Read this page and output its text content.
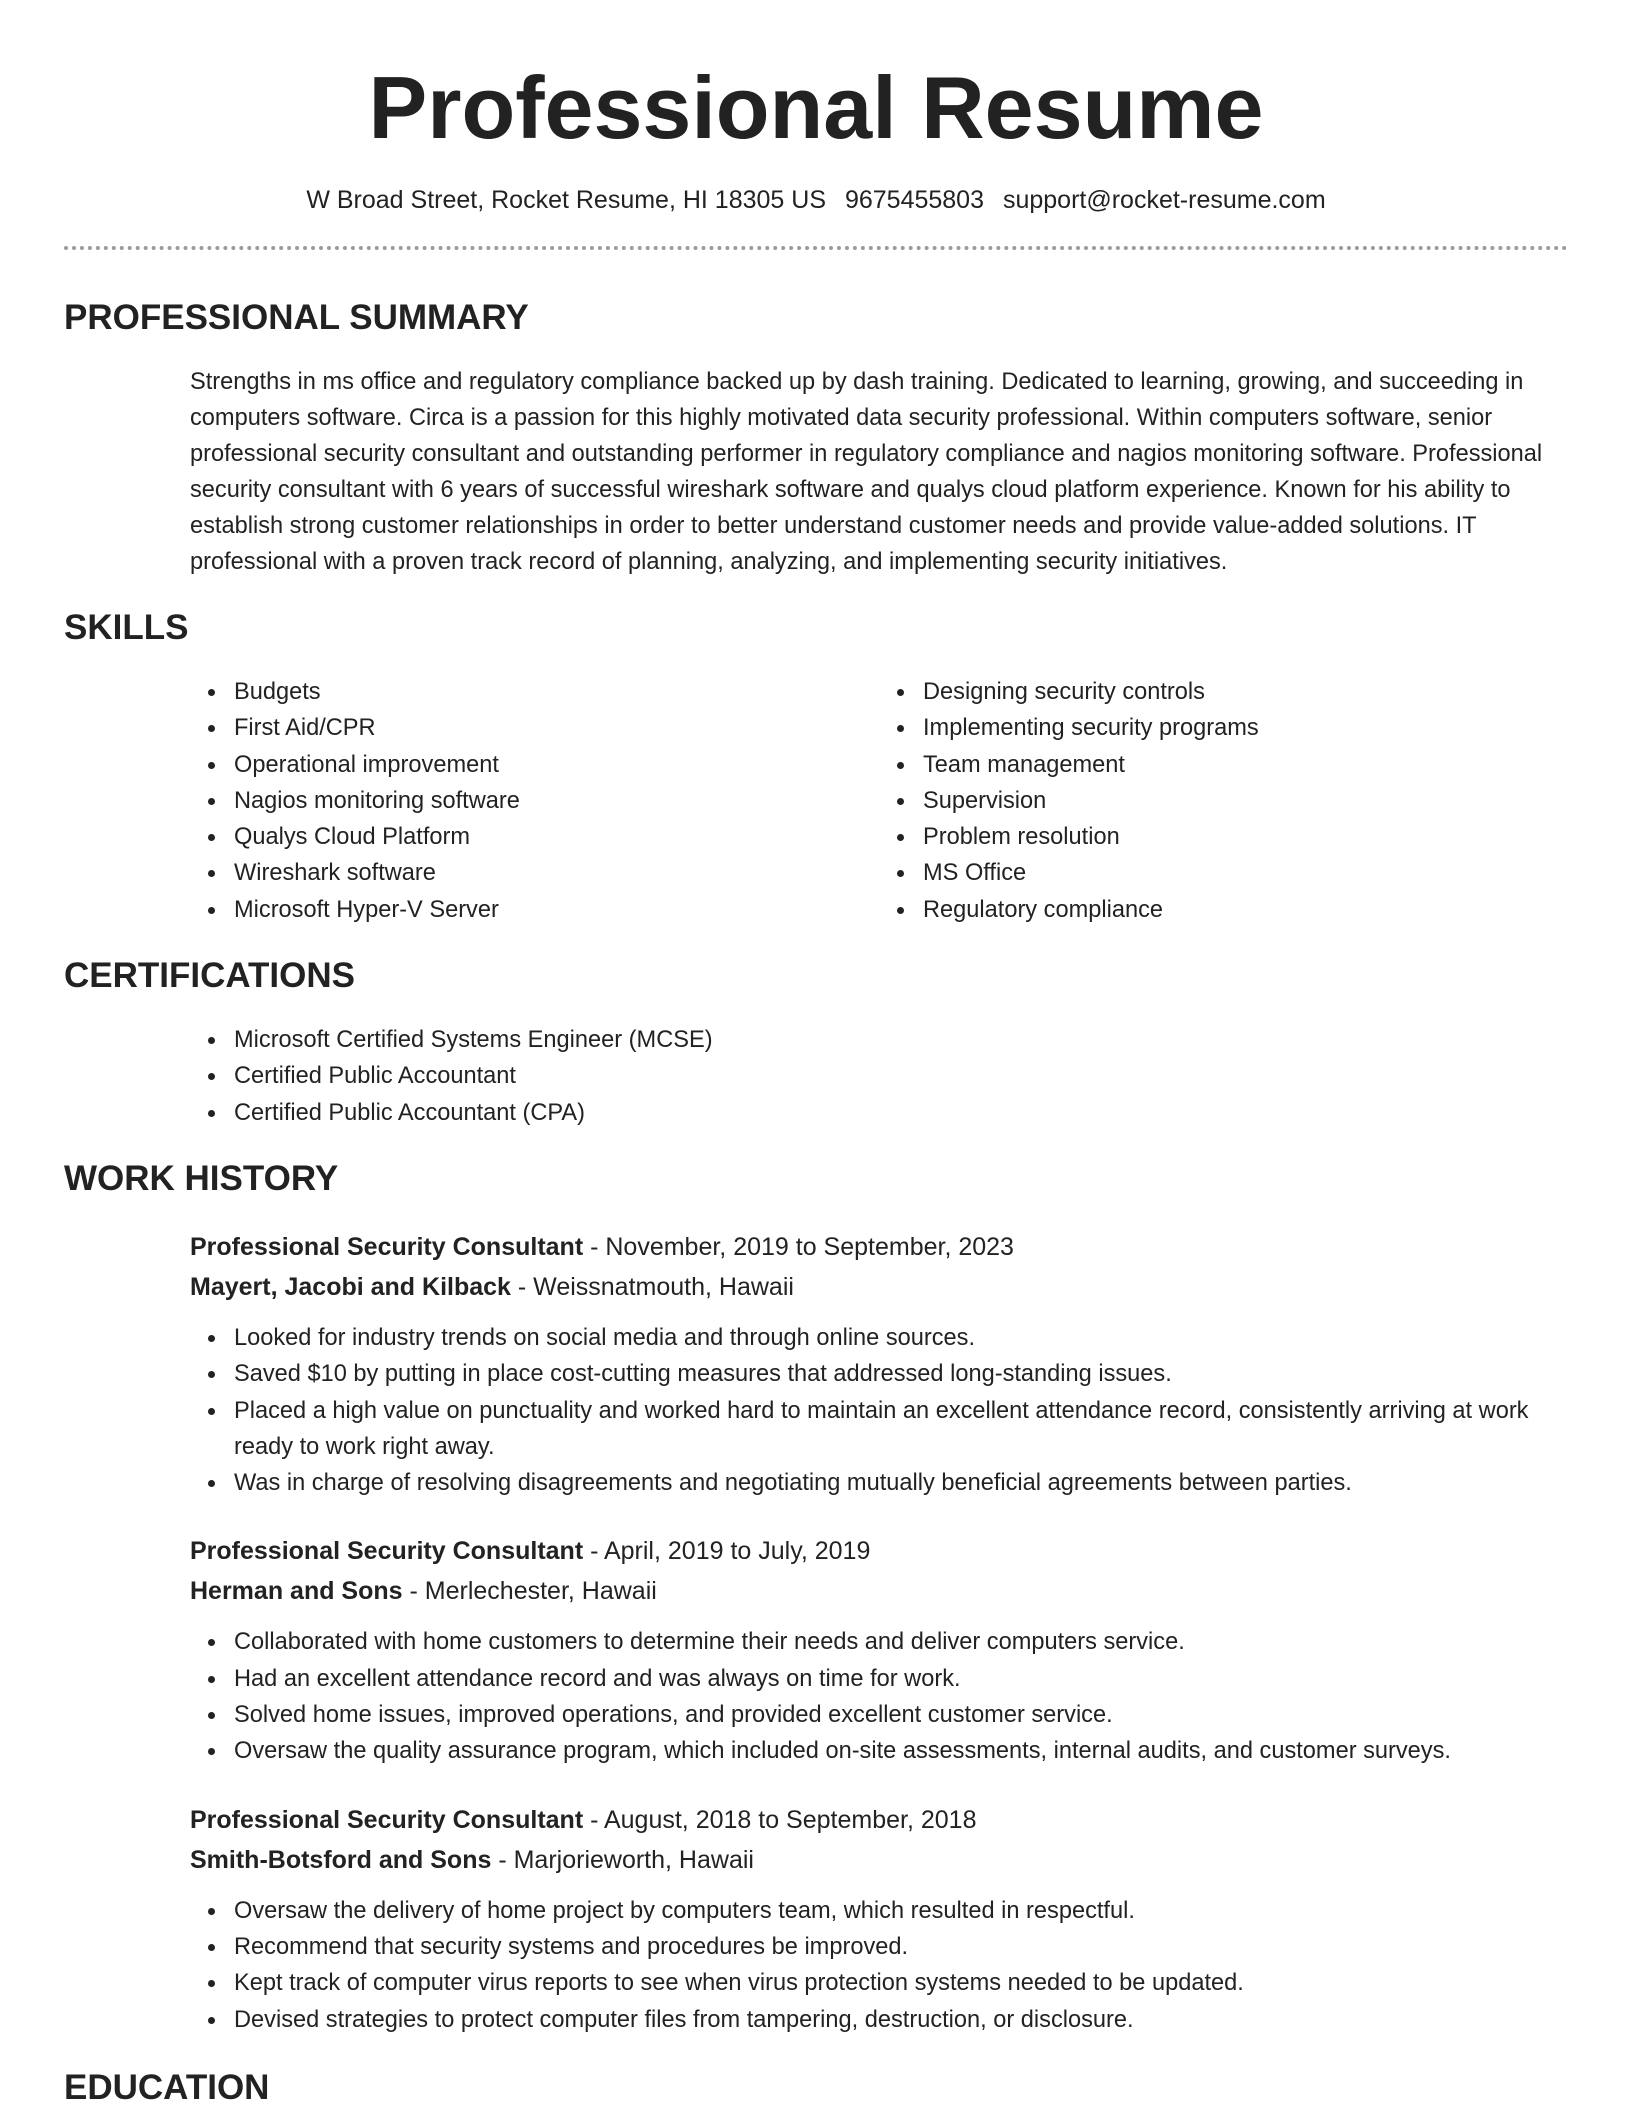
Professional Resume
W Broad Street, Rocket Resume, HI 18305 US 9675455803 support@rocket-resume.com
PROFESSIONAL SUMMARY

Strengths in ms office and regulatory compliance backed up by dash training. Dedicated to learning, growing, and succeeding in computers software. Circa is a passion for this highly motivated data security professional. Within computers software, senior professional security consultant and outstanding performer in regulatory compliance and nagios monitoring software. Professional security consultant with 6 years of successful wireshark software and qualys cloud platform experience. Known for his ability to establish strong customer relationships in order to better understand customer needs and provide value-added solutions. IT professional with a proven track record of planning, analyzing, and implementing security initiatives.

SKILLS
Budgets
First Aid/CPR
Operational improvement
Nagios monitoring software
Qualys Cloud Platform
Wireshark software
Microsoft Hyper-V Server
Designing security controls
Implementing security programs
Team management
Supervision
Problem resolution
MS Office
Regulatory compliance
CERTIFICATIONS
Microsoft Certified Systems Engineer (MCSE)
Certified Public Accountant
Certified Public Accountant (CPA)
WORK HISTORY
Professional Security Consultant - November, 2019 to September, 2023
Mayert, Jacobi and Kilback - Weissnatmouth, Hawaii
Looked for industry trends on social media and through online sources.
Saved $10 by putting in place cost-cutting measures that addressed long-standing issues.
Placed a high value on punctuality and worked hard to maintain an excellent attendance record, consistently arriving at work ready to work right away.
Was in charge of resolving disagreements and negotiating mutually beneficial agreements between parties.
Professional Security Consultant - April, 2019 to July, 2019
Herman and Sons - Merlechester, Hawaii
Collaborated with home customers to determine their needs and deliver computers service.
Had an excellent attendance record and was always on time for work.
Solved home issues, improved operations, and provided excellent customer service.
Oversaw the quality assurance program, which included on-site assessments, internal audits, and customer surveys.
Professional Security Consultant - August, 2018 to September, 2018
Smith-Botsford and Sons - Marjorieworth, Hawaii
Oversaw the delivery of home project by computers team, which resulted in respectful.
Recommend that security systems and procedures be improved.
Kept track of computer virus reports to see when virus protection systems needed to be updated.
Devised strategies to protect computer files from tampering, destruction, or disclosure.
EDUCATION
